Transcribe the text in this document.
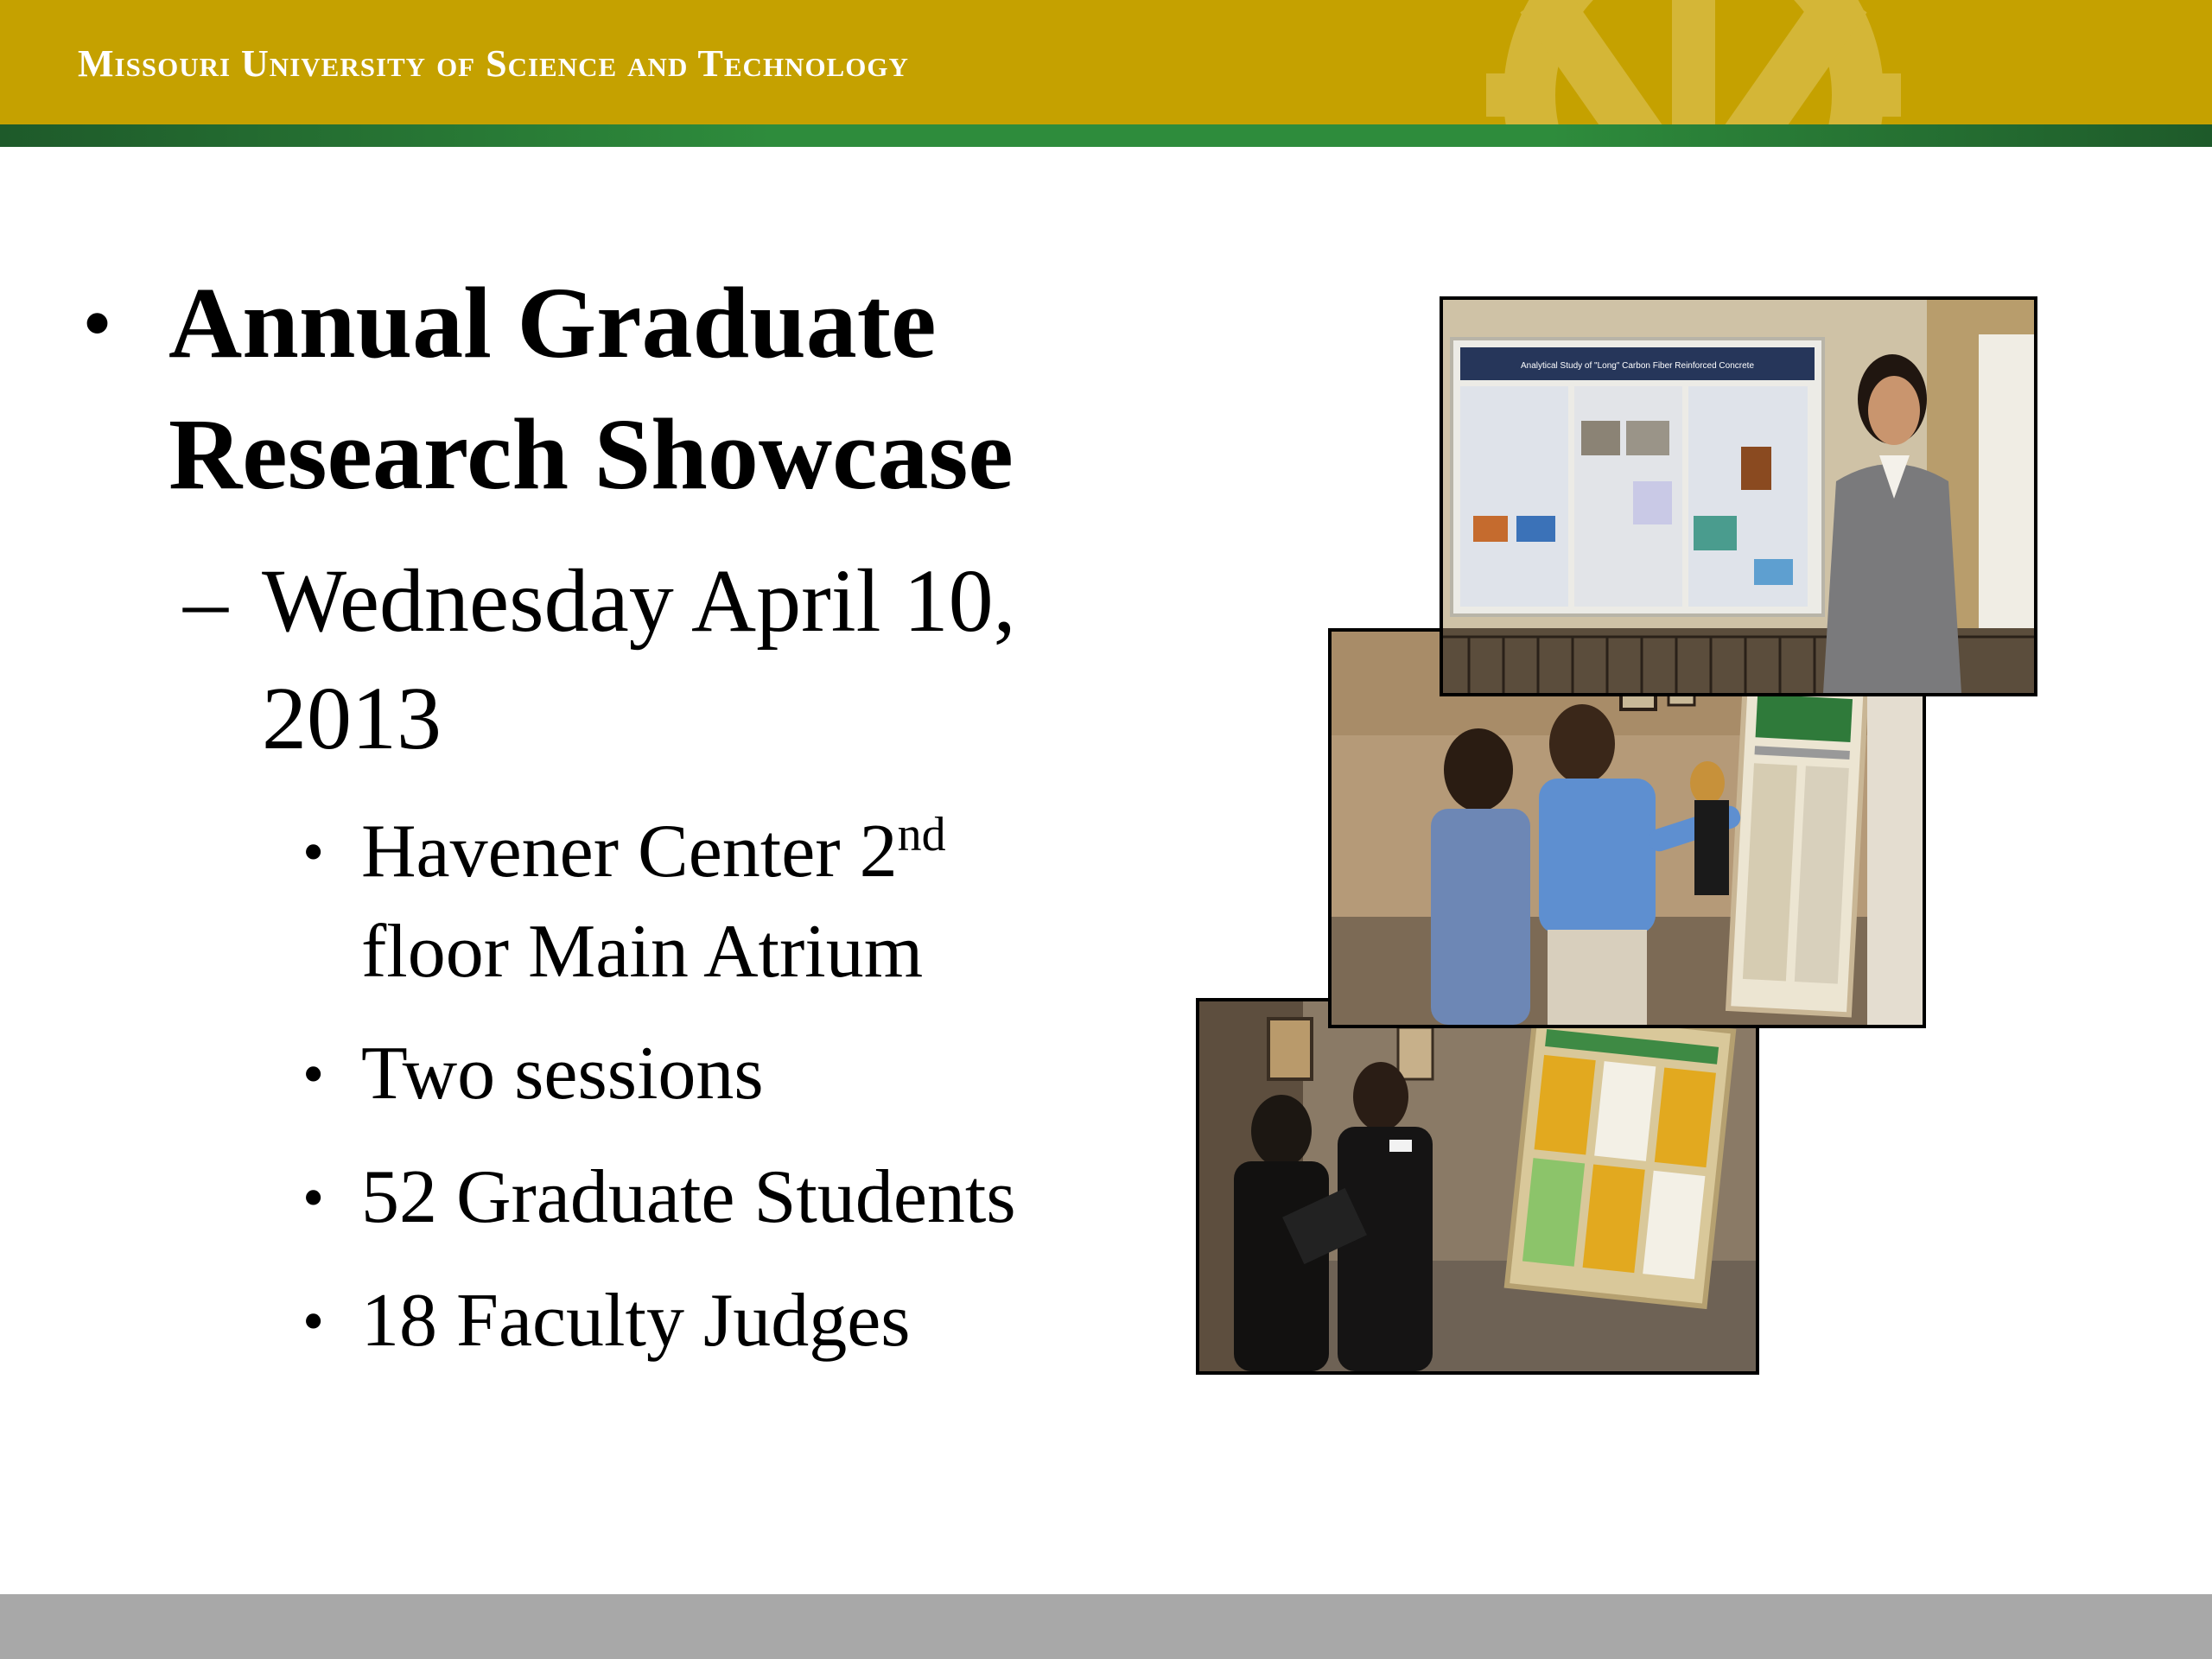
Missouri University of Science and Technology
• Annual Graduate
Research Showcase
– Wednesday April 10,
2013
• Havener Center 2nd
floor Main Atrium
• Two sessions
• 52 Graduate Students
• 18 Faculty Judges
Analytical Study of "Long" Carbon Fiber Reinforced Concrete
